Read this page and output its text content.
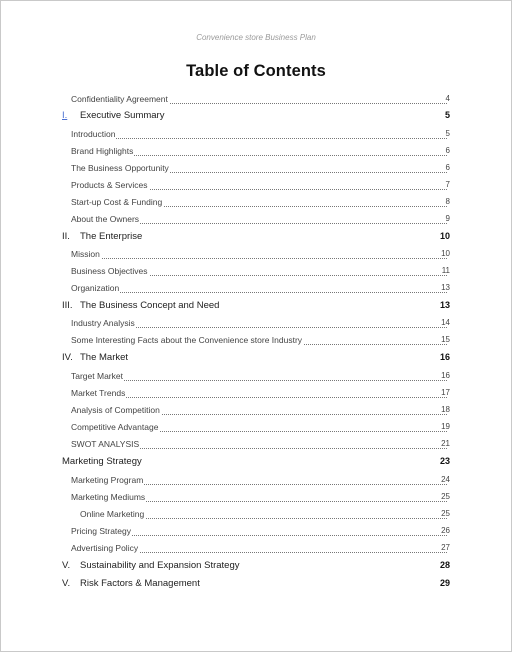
Convenience store Business Plan
Table of Contents
Confidentiality Agreement	4
I. Executive Summary	5
Introduction	5
Brand Highlights	6
The Business Opportunity	6
Products & Services	7
Start-up Cost & Funding	8
About the Owners	9
II. The Enterprise	10
Mission	10
Business Objectives	11
Organization	13
III. The Business Concept and Need	13
Industry Analysis	14
Some Interesting Facts about the Convenience store Industry	15
IV. The Market	16
Target Market	16
Market Trends	17
Analysis of Competition	18
Competitive Advantage	19
SWOT ANALYSIS	21
Marketing Strategy	23
Marketing Program	24
Marketing Mediums	25
Online Marketing	25
Pricing Strategy	26
Advertising Policy	27
V. Sustainability and Expansion Strategy	28
V. Risk Factors & Management	29
